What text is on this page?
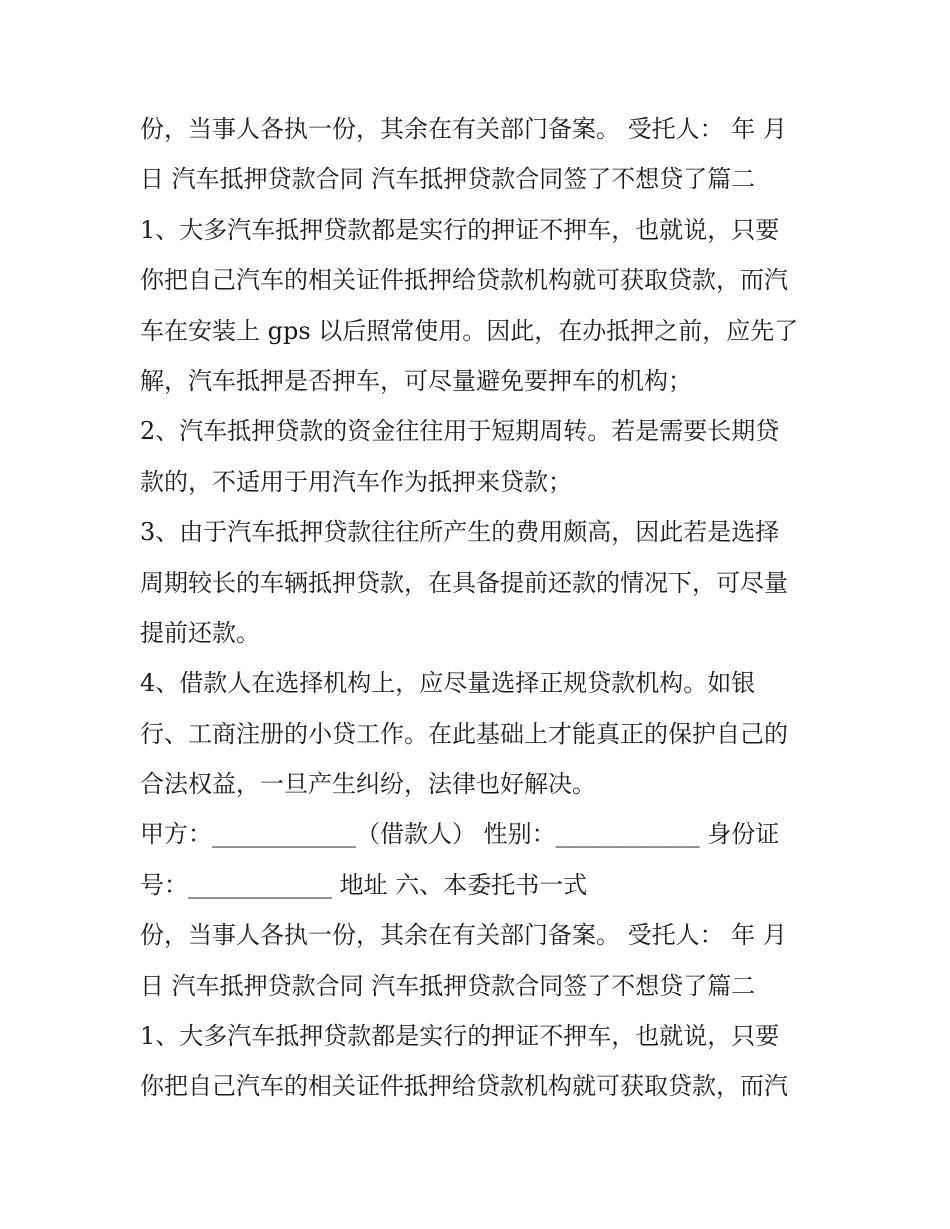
份，当事人各执一份，其余在有关部门备案。 受托人： 年 月
日 汽车抵押贷款合同 汽车抵押贷款合同签了不想贷了篇二
1、大多汽车抵押贷款都是实行的押证不押车，也就说，只要
你把自己汽车的相关证件抵押给贷款机构就可获取贷款，而汽
车在安装上 gps 以后照常使用。因此，在办抵押之前，应先了
解，汽车抵押是否押车，可尽量避免要押车的机构；
2、汽车抵押贷款的资金往往用于短期周转。若是需要长期贷
款的，不适用于用汽车作为抵押来贷款；
3、由于汽车抵押贷款往往所产生的费用颇高，因此若是选择
周期较长的车辆抵押贷款，在具备提前还款的情况下，可尽量
提前还款。
4、借款人在选择机构上，应尽量选择正规贷款机构。如银
行、工商注册的小贷工作。在此基础上才能真正的保护自己的
合法权益，一旦产生纠纷，法律也好解决。
甲方：____________（借款人） 性别：____________ 身份证
号：____________ 地址 六、本委托书一式
份，当事人各执一份，其余在有关部门备案。 受托人： 年 月
日 汽车抵押贷款合同 汽车抵押贷款合同签了不想贷了篇二
1、大多汽车抵押贷款都是实行的押证不押车，也就说，只要
你把自己汽车的相关证件抵押给贷款机构就可获取贷款，而汽
